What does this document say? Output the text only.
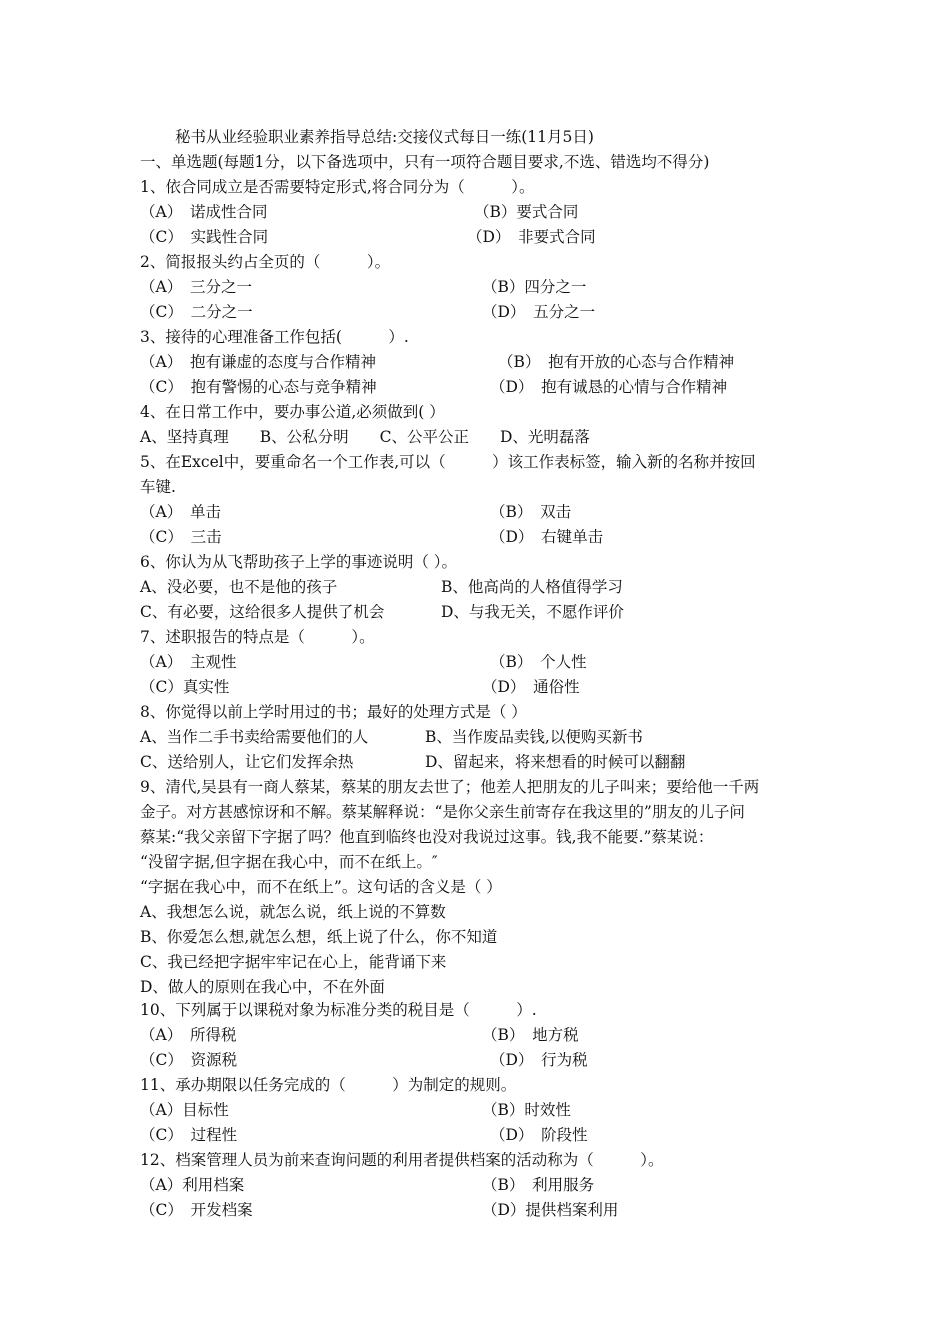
秘书从业经验职业素养指导总结:交接仪式每日一练(11月5日)
一、单选题(每题1分，以下备选项中，只有一项符合题目要求,不选、错选均不得分)
1、依合同成立是否需要特定形式,将合同分为（　　　）。
（A）　诺成性合同	（B）要式合同
（C）　实践性合同	（D）　非要式合同
2、简报报头约占全页的（　　　）。
（A）　三分之一	（B）四分之一
（C）　二分之一	（D）　五分之一
3、接待的心理准备工作包括(　　　）.
（A）　抱有谦虚的态度与合作精神	（B）　抱有开放的心态与合作精神
（C）　抱有警惕的心态与竞争精神	（D）　抱有诚恳的心情与合作精神
4、在日常工作中，要办事公道,必须做到( ）
A、坚持真理　　B、公私分明　　C、公平公正　　D、光明磊落
5、在Excel中，要重命名一个工作表,可以（　　　）该工作表标签，输入新的名称并按回
车键.
（A）　单击	（B）　双击
（C）　三击	（D）　右键单击
6、你认为从飞帮助孩子上学的事迹说明（ ）。
A、没必要，也不是他的孩子	B、他高尚的人格值得学习
C、有必要，这给很多人提供了机会	D、与我无关，不愿作评价
7、述职报告的特点是（　　　）。
（A）　主观性	（B）　个人性
（C）真实性	（D）　通俗性
8、你觉得以前上学时用过的书；最好的处理方式是（ ）
A、当作二手书卖给需要他们的人	B、当作废品卖钱,以便购买新书
C、送给别人，让它们发挥余热	D、留起来，将来想看的时候可以翻翻
9、清代,吴县有一商人蔡某，蔡某的朋友去世了；他差人把朋友的儿子叫来；要给他一千两
金子。对方甚感惊讶和不解。蔡某解释说：“是你父亲生前寄存在我这里的”朋友的儿子问
蔡某:“我父亲留下字据了吗？他直到临终也没对我说过这事。钱,我不能要.”蔡某说：
“没留字据,但字据在我心中，而不在纸上。″
“字据在我心中，而不在纸上”。这句话的含义是（ ）
A、我想怎么说，就怎么说，纸上说的不算数
B、你爱怎么想,就怎么想，纸上说了什么，你不知道
C、我已经把字据牢牢记在心上，能背诵下来
D、做人的原则在我心中，不在外面
10、下列属于以课税对象为标准分类的税目是（　　　）.
（A）　所得税	（B）　地方税
（C）　资源税	（D）　行为税
11、承办期限以任务完成的（　　　）为制定的规则。
（A）目标性	（B）时效性
（C）　过程性	（D）　阶段性
12、档案管理人员为前来查询问题的利用者提供档案的活动称为（　　　）。
（A）利用档案	（B）　利用服务
（C）　开发档案	（D）提供档案利用
